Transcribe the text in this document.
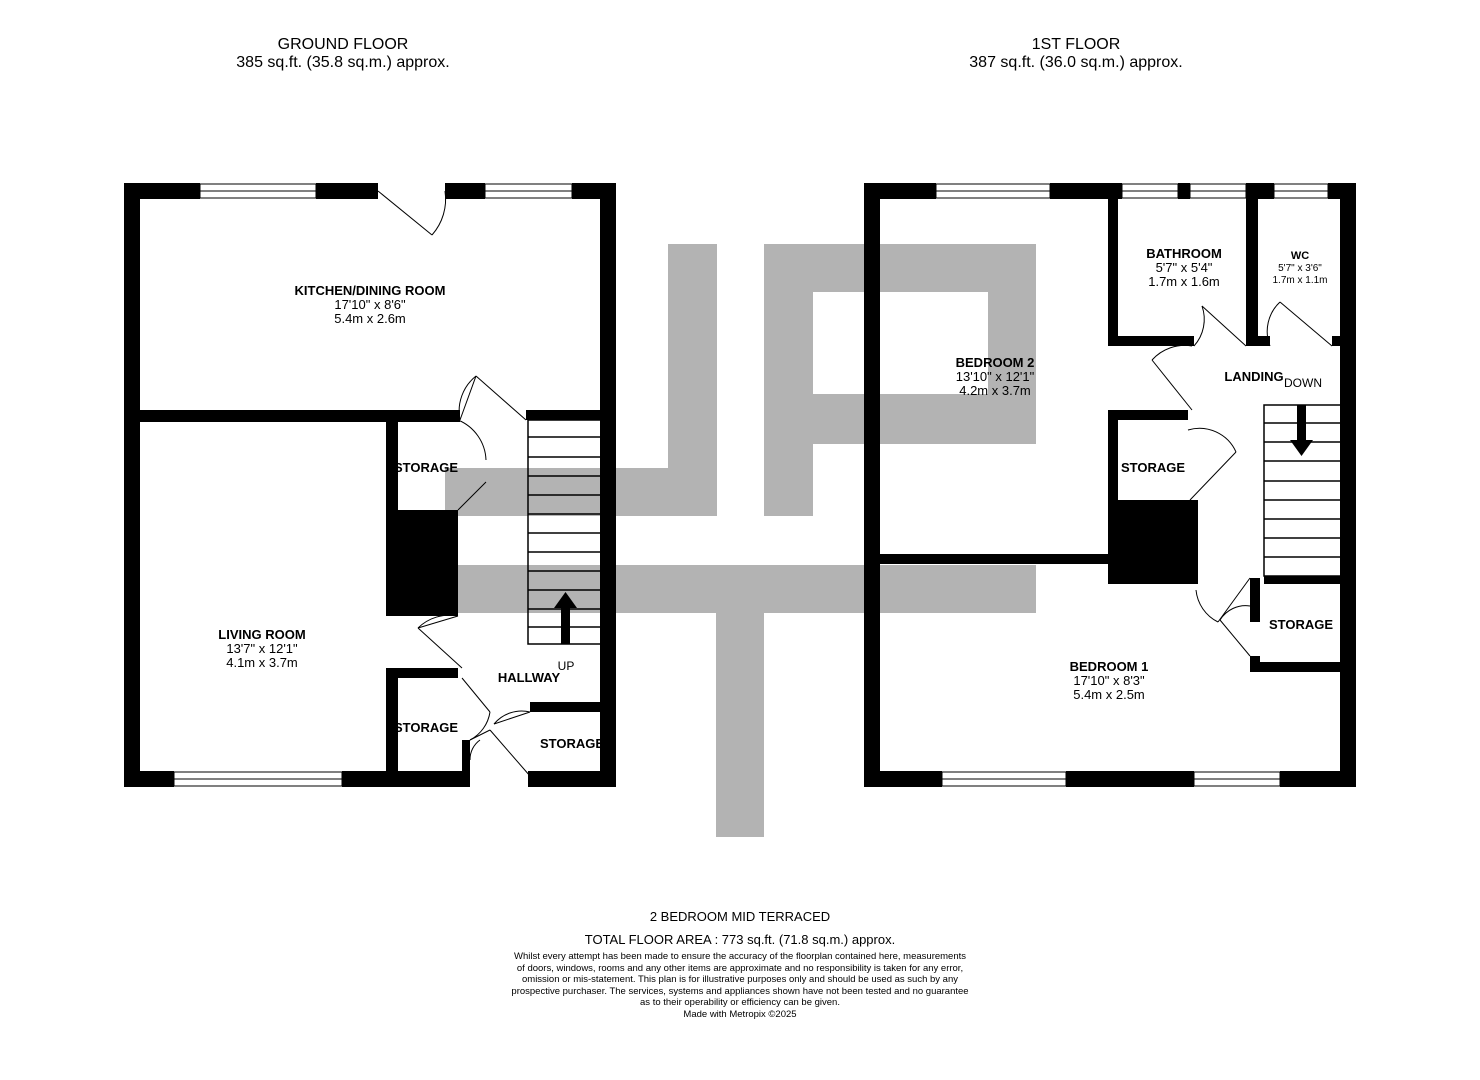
GROUND FLOOR
385 sq.ft. (35.8 sq.m.) approx.
1ST FLOOR
387 sq.ft. (36.0 sq.m.) approx.
KITCHEN/DINING ROOM
17'10" x 8'6"
5.4m x 2.6m
LIVING ROOM
13'7" x 12'1"
4.1m x 3.7m
STORAGE
STORAGE
STORAGE
HALLWAY
UP
BEDROOM 2
13'10" x 12'1"
4.2m x 3.7m
BATHROOM
5'7" x 5'4"
1.7m x 1.6m
WC
5'7" x 3'6"
1.7m x 1.1m
LANDING DOWN
STORAGE
STORAGE
BEDROOM 1
17'10" x 8'3"
5.4m x 2.5m
2 BEDROOM MID TERRACED
TOTAL FLOOR AREA : 773 sq.ft. (71.8 sq.m.) approx.
Whilst every attempt has been made to ensure the accuracy of the floorplan contained here, measurements
of doors, windows, rooms and any other items are approximate and no responsibility is taken for any error,
omission or mis-statement. This plan is for illustrative purposes only and should be used as such by any
prospective purchaser. The services, systems and appliances shown have not been tested and no guarantee
as to their operability or efficiency can be given.
Made with Metropix ©2025
